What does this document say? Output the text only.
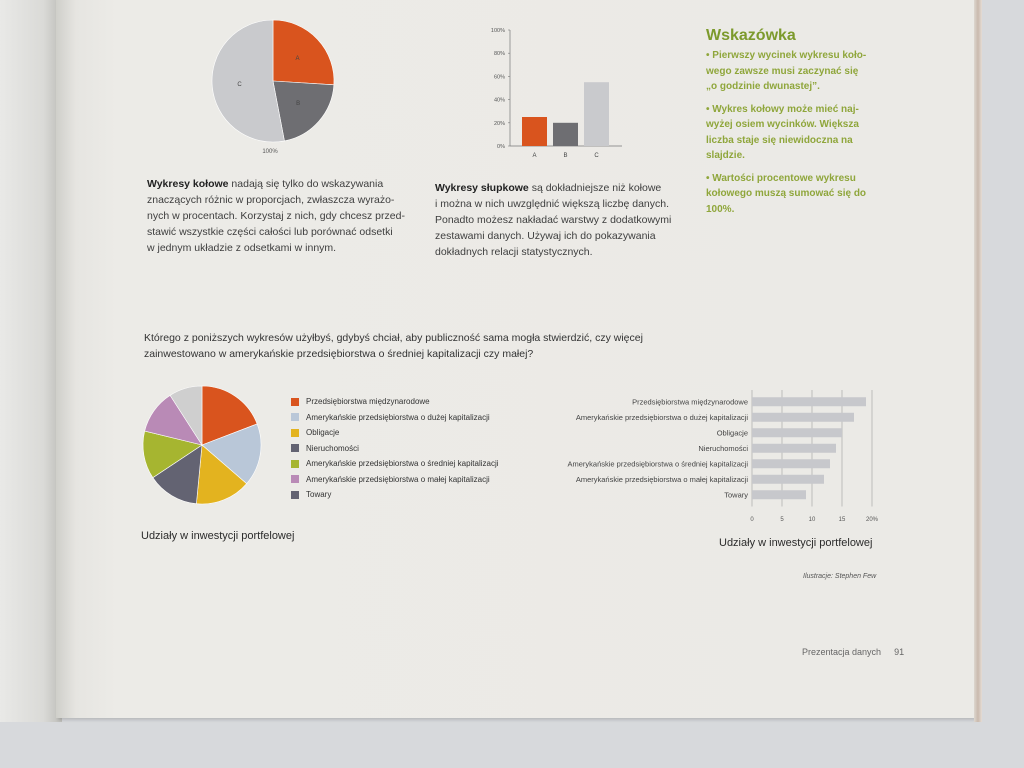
A
B
C
100%
100%
80%
60%
40%
20%
0%
A	B	C
Wykresy kołowe nadają się tylko do wskazywania
znaczących różnic w proporcjach, zwłaszcza wyrażo-
nych w procentach. Korzystaj z nich, gdy chcesz przed-
stawić wszystkie części całości lub porównać odsetki
w jednym układzie z odsetkami w innym.
Wykresy słupkowe są dokładniejsze niż kołowe
i można w nich uwzględnić większą liczbę danych.
Ponadto możesz nakładać warstwy z dodatkowymi
zestawami danych. Używaj ich do pokazywania
dokładnych relacji statystycznych.
Wskazówka
• Pierwszy wycinek wykresu koło-
wego zawsze musi zaczynać się
„o godzinie dwunastej”.
• Wykres kołowy może mieć naj-
wyżej osiem wycinków. Większa
liczba staje się niewidoczna na
slajdzie.
• Wartości procentowe wykresu
kołowego muszą sumować się do
100%.
Którego z poniższych wykresów użyłbyś, gdybyś chciał, aby publiczność sama mogła stwierdzić, czy więcej
zainwestowano w amerykańskie przedsiębiorstwa o średniej kapitalizacji czy małej?
Przedsiębiorstwa międzynarodowe
Amerykańskie przedsiębiorstwa o dużej kapitalizacji
Obligacje
Nieruchomości
Amerykańskie przedsiębiorstwa o średniej kapitalizacji
Amerykańskie przedsiębiorstwa o małej kapitalizacji
Towary
0	5	10	15	20%
Przedsiębiorstwa międzynarodowe
Amerykańskie przedsiębiorstwa o dużej kapitalizacji
Obligacje
Nieruchomości
Amerykańskie przedsiębiorstwa o średniej kapitalizacji
Amerykańskie przedsiębiorstwa o małej kapitalizacji
Towary
Udziały w inwestycji portfelowej
Udziały w inwestycji portfelowej
Ilustracje: Stephen Few
Prezentacja danych 91
